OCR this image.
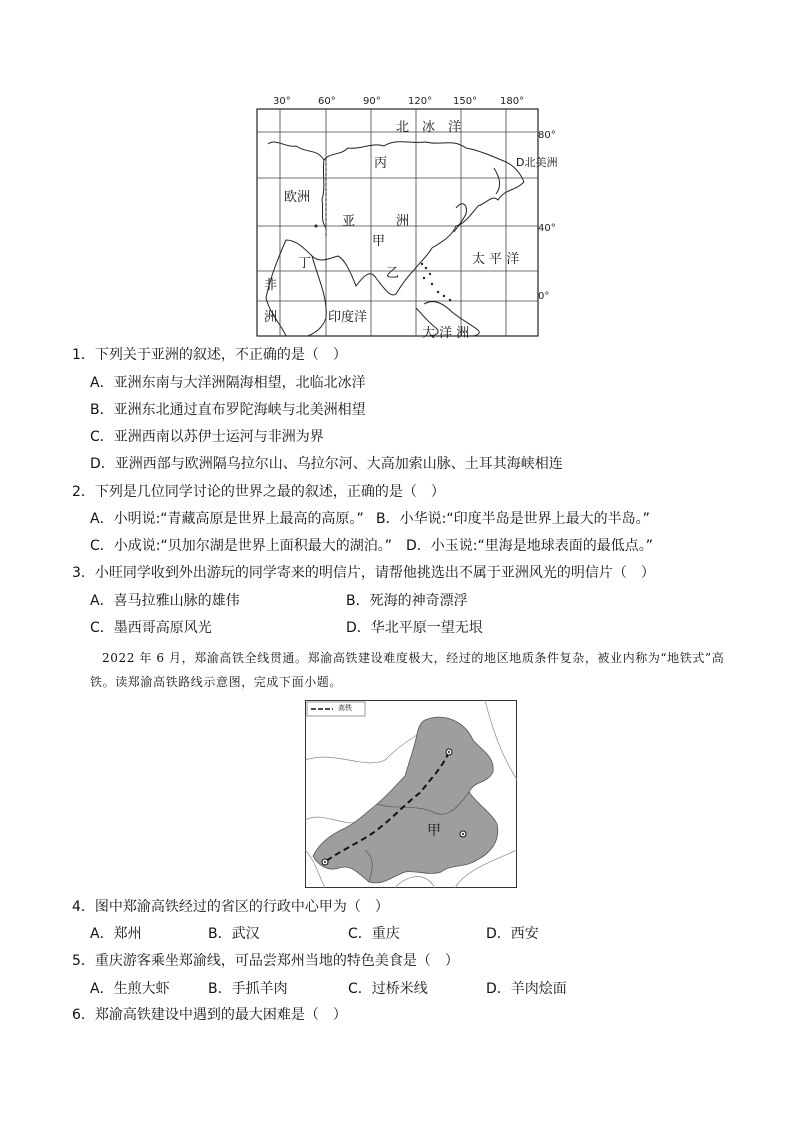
30°	60°	90°	120° 150° 180°
80°
40°
0°
北　冰　洋
丙	D北美洲
欧洲
亚	洲
甲
太 平 洋
丁
乙
非
洲	印度洋
大 洋 洲
1．下列关于亚洲的叙述，不正确的是（　）
A．亚洲东南与大洋洲隔海相望，北临北冰洋
B．亚洲东北通过直布罗陀海峡与北美洲相望
C．亚洲西南以苏伊士运河与非洲为界
D．亚洲西部与欧洲隔乌拉尔山、乌拉尔河、大高加索山脉、土耳其海峡相连
2．下列是几位同学讨论的世界之最的叙述，正确的是（　）
A．小明说:“青藏高原是世界上最高的高原。” B．小华说:“印度半岛是世界上最大的半岛。”
C．小成说:“贝加尔湖是世界上面积最大的湖泊。” D．小玉说:“里海是地球表面的最低点。”
3．小旺同学收到外出游玩的同学寄来的明信片，请帮他挑选出不属于亚洲风光的明信片（　）
A．喜马拉雅山脉的雄伟	B．死海的神奇漂浮
C．墨西哥高原风光	D．华北平原一望无垠
2022 年 6 月，郑渝高铁全线贯通。郑渝高铁建设难度极大，经过的地区地质条件复杂，被业内称为“地铁式”高铁。读郑渝高铁路线示意图，完成下面小题。
高铁
甲
4．图中郑渝高铁经过的省区的行政中心甲为（　）
A．郑州	B．武汉	C．重庆	D．西安
5．重庆游客乘坐郑渝线，可品尝郑州当地的特色美食是（　）
A．生煎大虾	B．手抓羊肉	C．过桥米线	D．羊肉烩面
6．郑渝高铁建设中遇到的最大困难是（　）
